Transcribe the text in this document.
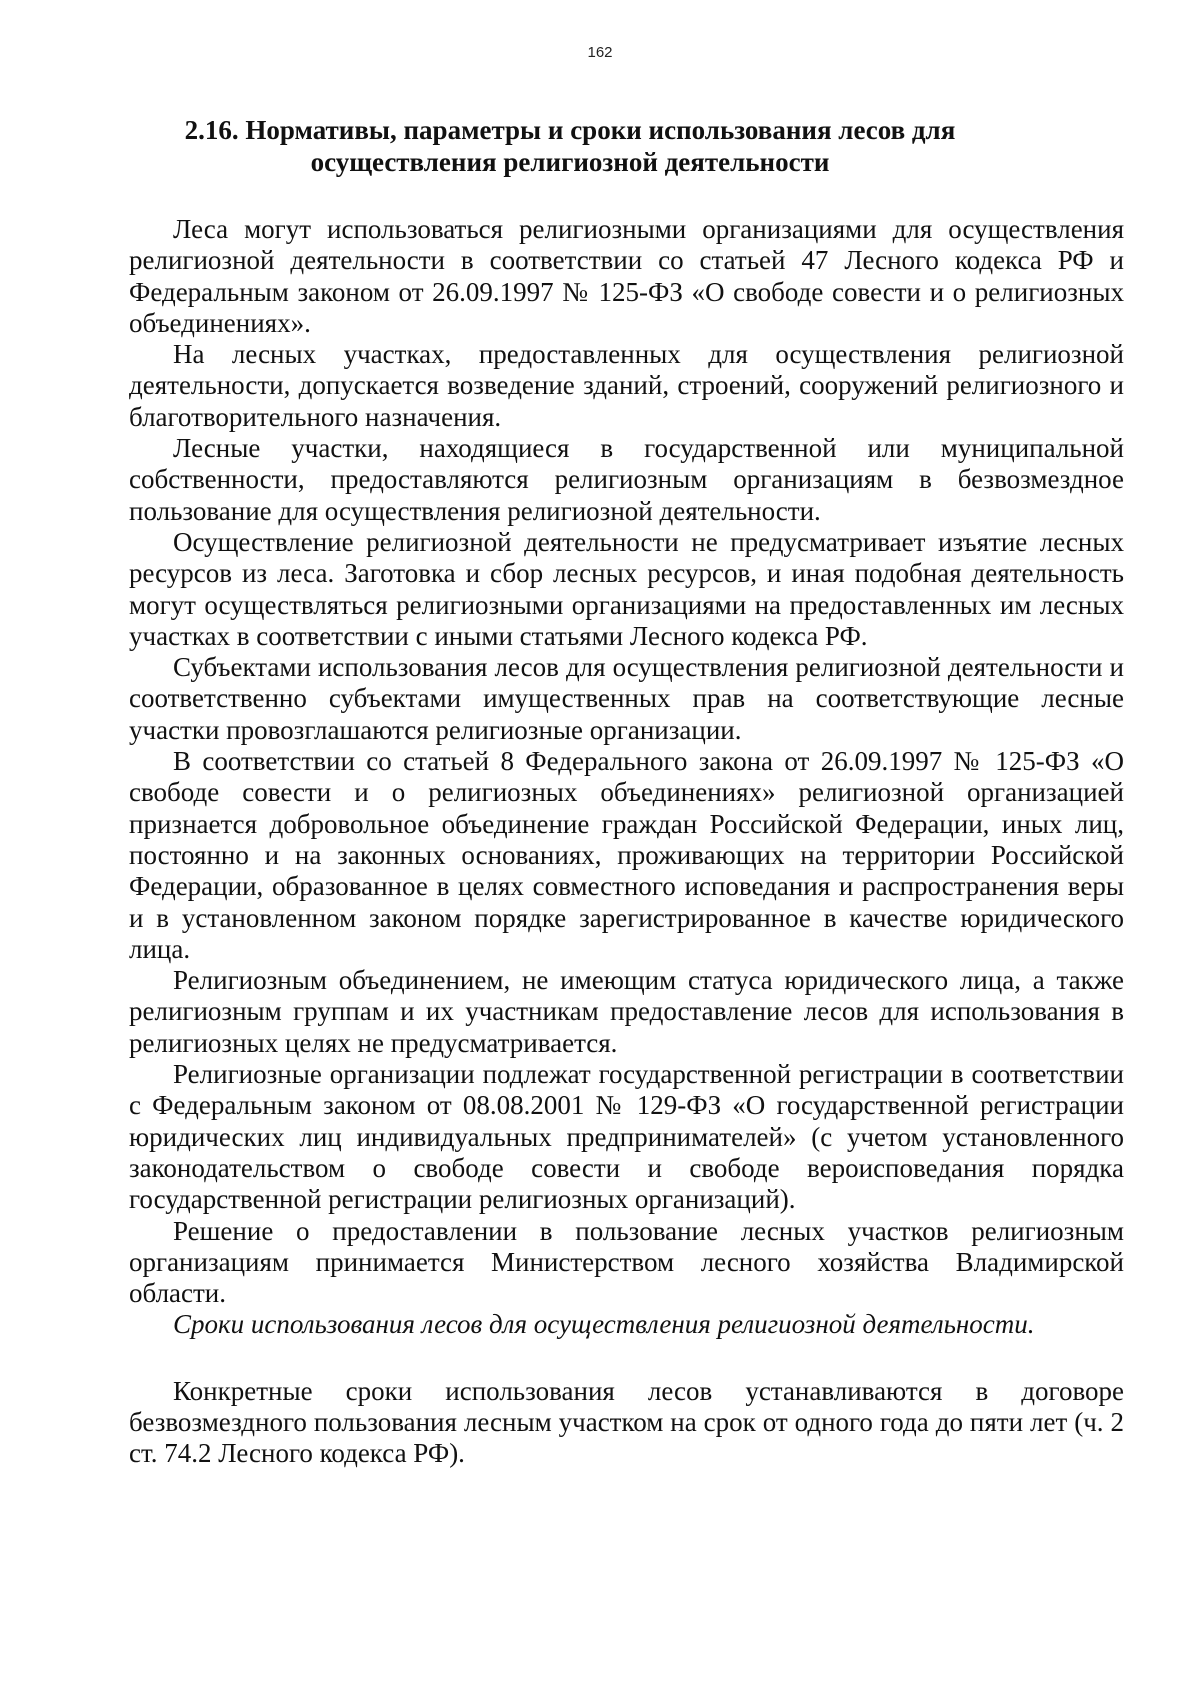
162
2.16. Нормативы, параметры и сроки использования лесов для
осуществления религиозной деятельности

Леса могут использоваться религиозными организациями для осуществления религиозной деятельности в соответствии со статьей 47 Лесного кодекса РФ и Федеральным законом от 26.09.1997 № 125-ФЗ «О свободе совести и о религиозных объединениях».

На лесных участках, предоставленных для осуществления религиозной деятельности, допускается возведение зданий, строений, сооружений религиозного и благотворительного назначения.

Лесные участки, находящиеся в государственной или муниципальной собственности, предоставляются религиозным организациям в безвозмездное пользование для осуществления религиозной деятельности.

Осуществление религиозной деятельности не предусматривает изъятие лесных ресурсов из леса. Заготовка и сбор лесных ресурсов, и иная подобная деятельность могут осуществляться религиозными организациями на предоставленных им лесных участках в соответствии с иными статьями Лесного кодекса РФ.

Субъектами использования лесов для осуществления религиозной деятельности и соответственно субъектами имущественных прав на соответствующие лесные участки провозглашаются религиозные организации.

В соответствии со статьей 8 Федерального закона от 26.09.1997 № 125-ФЗ «О свободе совести и о религиозных объединениях» религиозной организацией признается добровольное объединение граждан Российской Федерации, иных лиц, постоянно и на законных основаниях, проживающих на территории Российской Федерации, образованное в целях совместного исповедания и распространения веры и в установленном законом порядке зарегистрированное в качестве юридического лица.

Религиозным объединением, не имеющим статуса юридического лица, а также религиозным группам и их участникам предоставление лесов для использования в религиозных целях не предусматривается.

Религиозные организации подлежат государственной регистрации в соответствии с Федеральным законом от 08.08.2001 № 129-ФЗ «О государственной регистрации юридических лиц индивидуальных предпринимателей» (с учетом установленного законодательством о свободе совести и свободе вероисповедания порядка государственной регистрации религиозных организаций).

Решение о предоставлении в пользование лесных участков религиозным организациям принимается Министерством лесного хозяйства Владимирской области.

Сроки использования лесов для осуществления религиозной деятельности.

Конкретные сроки использования лесов устанавливаются в договоре безвозмездного пользования лесным участком на срок от одного года до пяти лет (ч. 2 ст. 74.2 Лесного кодекса РФ).
